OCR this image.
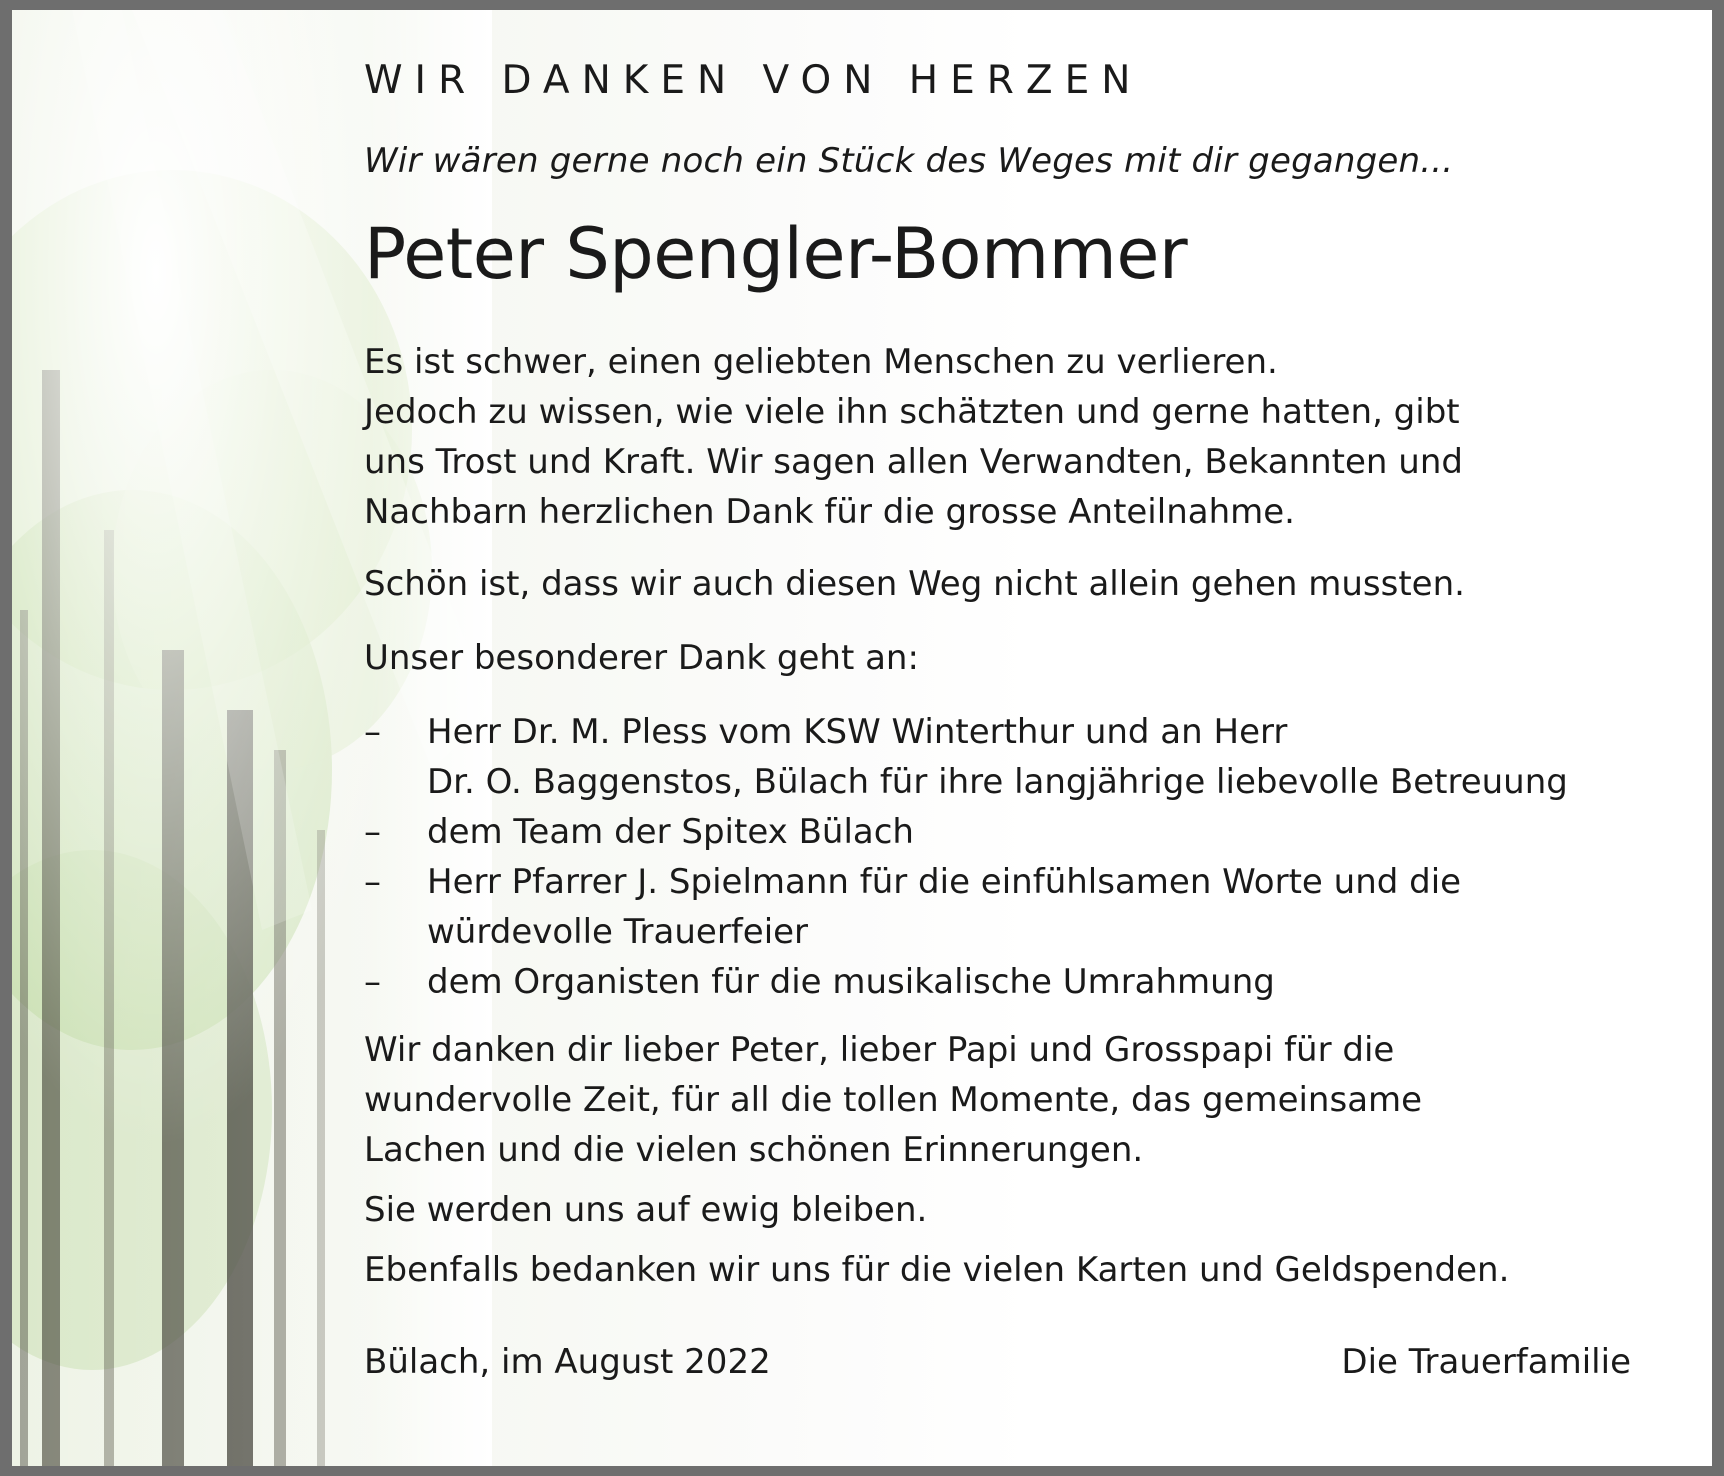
WIR DANKEN VON HERZEN
Wir wären gerne noch ein Stück des Weges mit dir gegangen...
Peter Spengler-Bommer

Es ist schwer, einen geliebten Menschen zu verlieren.
Jedoch zu wissen, wie viele ihn schätzten und gerne hatten, gibt
uns Trost und Kraft. Wir sagen allen Verwandten, Bekannten und
Nachbarn herzlichen Dank für die grosse Anteilnahme.

Schön ist, dass wir auch diesen Weg nicht allein gehen mussten.

Unser besonderer Dank geht an:

– Herr Dr. M. Pless vom KSW Winterthur und an Herr
Dr. O. Baggenstos, Bülach für ihre langjährige liebevolle Betreuung
– dem Team der Spitex Bülach
– Herr Pfarrer J. Spielmann für die einfühlsamen Worte und die
würdevolle Trauerfeier
– dem Organisten für die musikalische Umrahmung

Wir danken dir lieber Peter, lieber Papi und Grosspapi für die
wundervolle Zeit, für all die tollen Momente, das gemeinsame
Lachen und die vielen schönen Erinnerungen.

Sie werden uns auf ewig bleiben.

Ebenfalls bedanken wir uns für die vielen Karten und Geldspenden.

Bülach, im August 2022	Die Trauerfamilie
